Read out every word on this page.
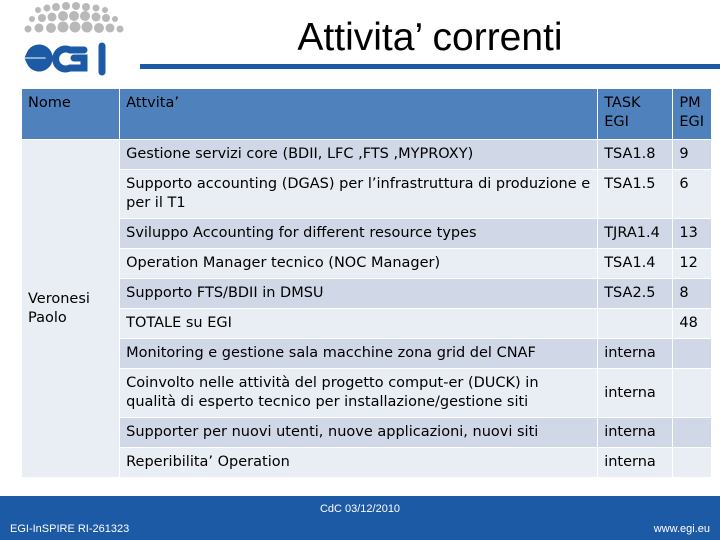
Attivita’ correnti
Nome	Attvita’	TASK EGI	PM EGI
Veronesi Paolo	Gestione servizi core (BDII, LFC ,FTS ,MYPROXY)	TSA1.8	9
	Supporto accounting (DGAS) per l’infrastruttura di produzione e per il T1	TSA1.5	6
	Sviluppo Accounting for different resource types	TJRA1.4	13
	Operation Manager tecnico (NOC Manager)	TSA1.4	12
	Supporto FTS/BDII in DMSU	TSA2.5	8
	TOTALE su EGI		48
	Monitoring e gestione sala macchine zona grid del CNAF	interna	
	Coinvolto nelle attività del progetto comput-er (DUCK) in qualità di esperto tecnico per installazione/gestione siti	interna	
	Supporter per nuovi utenti, nuove applicazioni, nuovi siti	interna	
	Reperibilita’ Operation	interna	
CdC 03/12/2010
EGI-InSPIRE RI-261323	www.egi.eu
